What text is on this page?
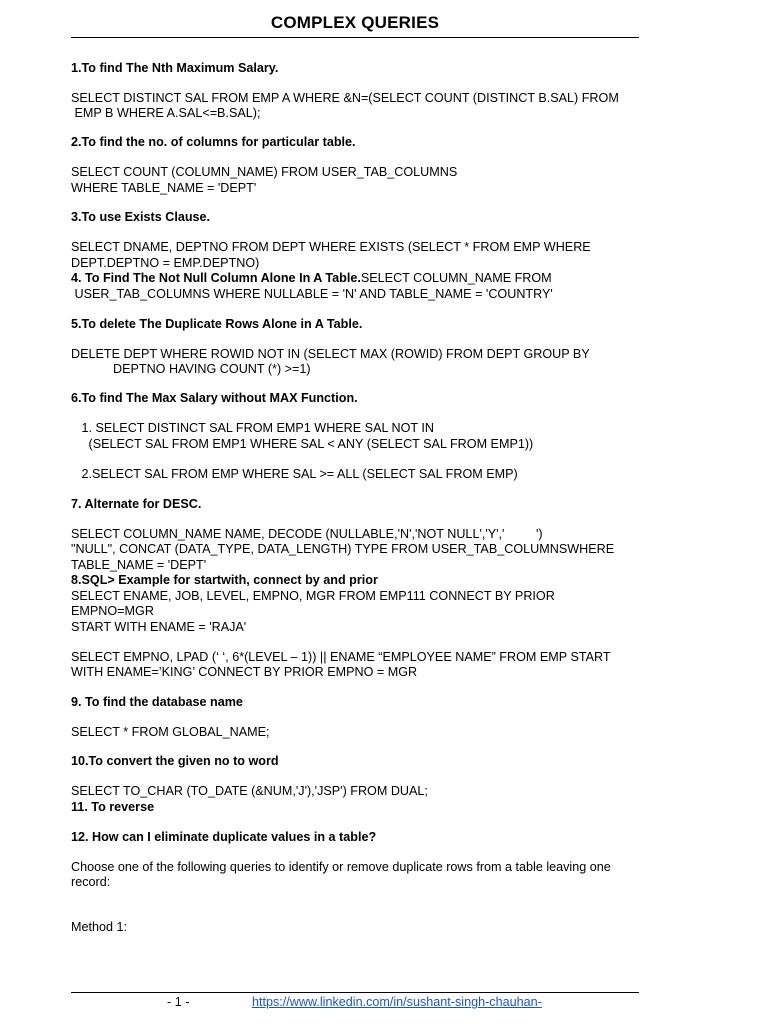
COMPLEX QUERIES
1.To find The Nth Maximum Salary.
SELECT DISTINCT SAL FROM EMP A WHERE &N=(SELECT COUNT (DISTINCT B.SAL) FROM
EMP B WHERE A.SAL<=B.SAL);
2.To find the no. of columns for particular table.
SELECT COUNT (COLUMN_NAME) FROM USER_TAB_COLUMNS
WHERE TABLE_NAME = 'DEPT'
3.To use Exists Clause.
SELECT DNAME, DEPTNO FROM DEPT WHERE EXISTS (SELECT * FROM EMP WHERE
DEPT.DEPTNO = EMP.DEPTNO)
4. To Find The Not Null Column Alone In A Table.SELECT COLUMN_NAME FROM
USER_TAB_COLUMNS WHERE NULLABLE = 'N' AND TABLE_NAME = 'COUNTRY'
5.To delete The Duplicate Rows Alone in A Table.
DELETE DEPT WHERE ROWID NOT IN (SELECT MAX (ROWID) FROM DEPT GROUP BY
DEPTNO HAVING COUNT (*) >=1)
6.To find The Max Salary without MAX Function.
1. SELECT DISTINCT SAL FROM EMP1 WHERE SAL NOT IN
(SELECT SAL FROM EMP1 WHERE SAL < ANY (SELECT SAL FROM EMP1))
2.SELECT SAL FROM EMP WHERE SAL >= ALL (SELECT SAL FROM EMP)
7. Alternate for DESC.
SELECT COLUMN_NAME NAME, DECODE (NULLABLE,'N','NOT NULL','Y','         ')
"NULL", CONCAT (DATA_TYPE, DATA_LENGTH) TYPE FROM USER_TAB_COLUMNSWHERE
TABLE_NAME = 'DEPT'
8.SQL> Example for startwith, connect by and prior
SELECT ENAME, JOB, LEVEL, EMPNO, MGR FROM EMP111 CONNECT BY PRIOR
EMPNO=MGR
START WITH ENAME = 'RAJA'
SELECT EMPNO, LPAD (‘ ‘, 6*(LEVEL – 1)) || ENAME “EMPLOYEE NAME” FROM EMP START
WITH ENAME=’KING’ CONNECT BY PRIOR EMPNO = MGR
9. To find the database name
SELECT * FROM GLOBAL_NAME;
10.To convert the given no to word
SELECT TO_CHAR (TO_DATE (&NUM,'J'),'JSP') FROM DUAL;
11. To reverse
12. How can I eliminate duplicate values in a table?
Choose one of the following queries to identify or remove duplicate rows from a table leaving one
record:
Method 1:
- 1 -	https://www.linkedin.com/in/sushant-singh-chauhan-
